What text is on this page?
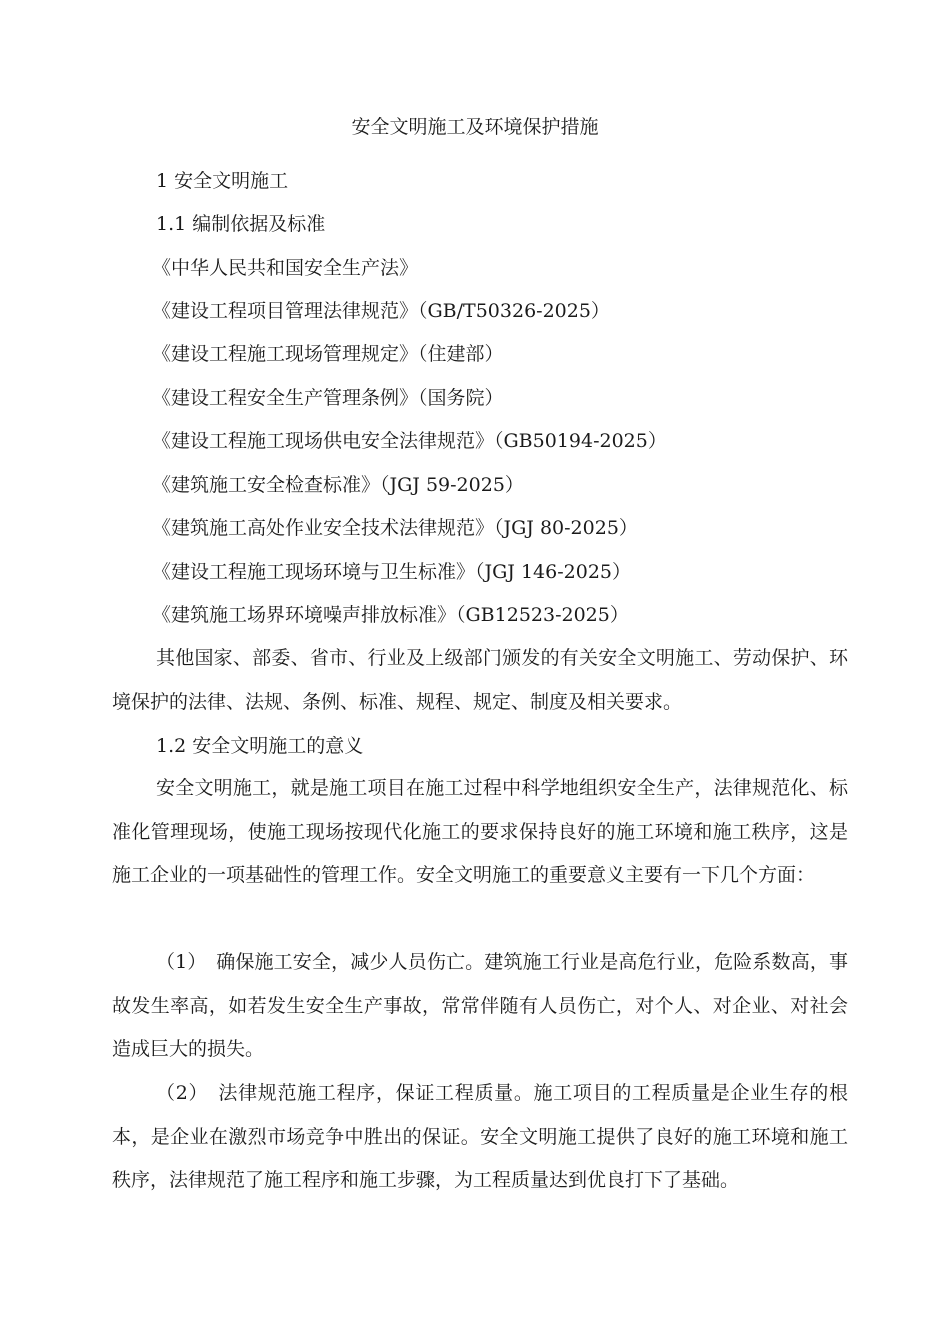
安全文明施工及环境保护措施
1 安全文明施工
1.1 编制依据及标准
《中华人民共和国安全生产法》
《建设工程项目管理法律规范》（GB/T50326-2025）
《建设工程施工现场管理规定》（住建部）
《建设工程安全生产管理条例》（国务院）
《建设工程施工现场供电安全法律规范》（GB50194-2025）
《建筑施工安全检查标准》（JGJ 59-2025）
《建筑施工高处作业安全技术法律规范》（JGJ 80-2025）
《建设工程施工现场环境与卫生标准》（JGJ 146-2025）
《建筑施工场界环境噪声排放标准》（GB12523-2025）
其他国家、部委、省市、行业及上级部门颁发的有关安全文明施工、劳动保护、环境保护的法律、法规、条例、标准、规程、规定、制度及相关要求。
1.2 安全文明施工的意义
安全文明施工，就是施工项目在施工过程中科学地组织安全生产，法律规范化、标准化管理现场，使施工现场按现代化施工的要求保持良好的施工环境和施工秩序，这是施工企业的一项基础性的管理工作。安全文明施工的重要意义主要有一下几个方面：
（1）　确保施工安全，减少人员伤亡。建筑施工行业是高危行业，危险系数高，事故发生率高，如若发生安全生产事故，常常伴随有人员伤亡，对个人、对企业、对社会造成巨大的损失。
（2）　法律规范施工程序，保证工程质量。施工项目的工程质量是企业生存的根本，是企业在激烈市场竞争中胜出的保证。安全文明施工提供了良好的施工环境和施工秩序，法律规范了施工程序和施工步骤，为工程质量达到优良打下了基础。
